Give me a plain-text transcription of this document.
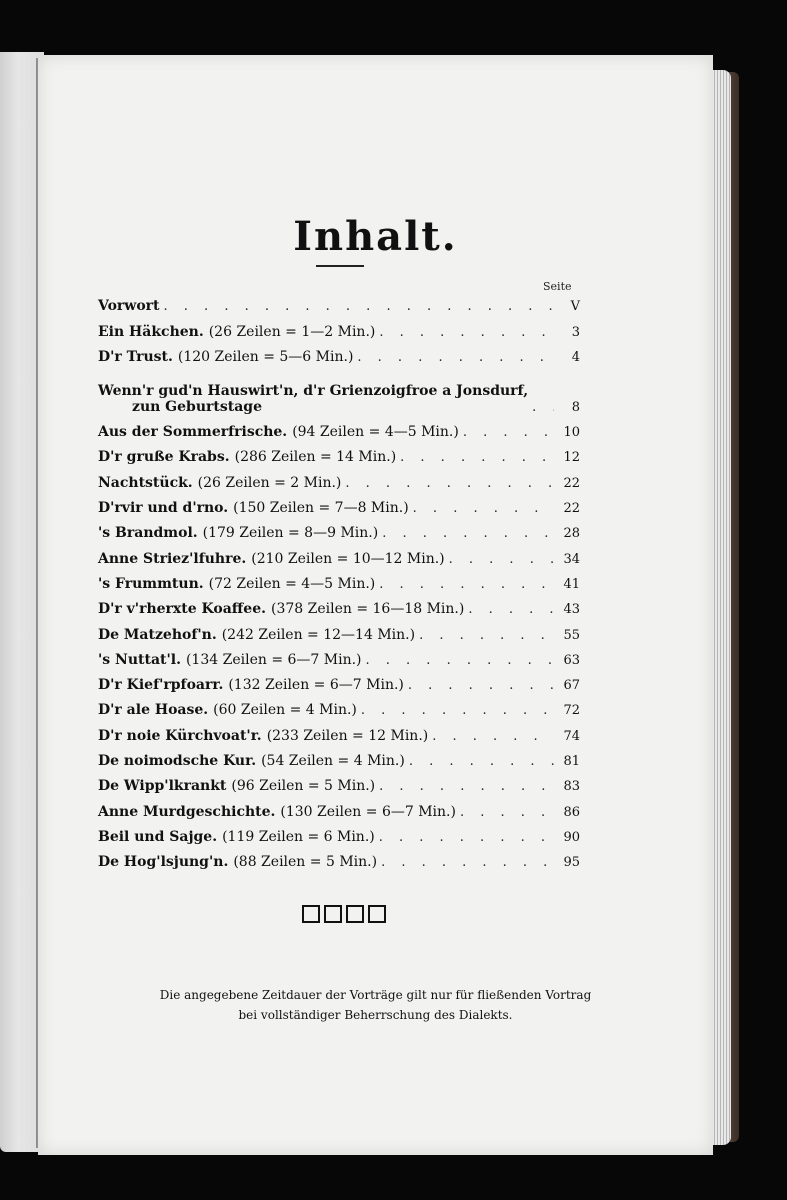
Inhalt.
Seite
Vorwort . . .	V
Ein Häkchen. (26 Zeilen = 1—2 Min.) . . .	3
D'r Trust. (120 Zeilen = 5—6 Min.) . . .	4
Wenn'r gud'n Hauswirt'n, d'r Grienzoigfroe a Jonsdurf,
zun Geburtstage . . .	8
Aus der Sommerfrische. (94 Zeilen = 4—5 Min.) . . .	10
D'r gruße Krabs. (286 Zeilen = 14 Min.) . . .	12
Nachtstück. (26 Zeilen = 2 Min.) . . .	22
D'rvir und d'rno. (150 Zeilen = 7—8 Min.) . . .	22
's Brandmol. (179 Zeilen = 8—9 Min.) . . .	28
Anne Striez'lfuhre. (210 Zeilen = 10—12 Min.) . . .	34
's Frummtun. (72 Zeilen = 4—5 Min.) . . .	41
D'r v'rherxte Koaffee. (378 Zeilen = 16—18 Min.) . . .	43
De Matzehof'n. (242 Zeilen = 12—14 Min.) . . .	55
's Nuttat'l. (134 Zeilen = 6—7 Min.) . . .	63
D'r Kief'rpfoarr. (132 Zeilen = 6—7 Min.) . . .	67
D'r ale Hoase. (60 Zeilen = 4 Min.) . . .	72
D'r noie Kürchvoat'r. (233 Zeilen = 12 Min.) . . .	74
De noimodsche Kur. (54 Zeilen = 4 Min.) . . .	81
De Wipp'lkrankt (96 Zeilen = 5 Min.) . . .	83
Anne Murdgeschichte. (130 Zeilen = 6—7 Min.) . . .	86
Beil und Sajge. (119 Zeilen = 6 Min.) . . .	90
De Hog'lsjung'n. (88 Zeilen = 5 Min.) . . .	95
Die angegebene Zeitdauer der Vorträge gilt nur für fließenden Vortrag
bei vollständiger Beherrschung des Dialekts.
